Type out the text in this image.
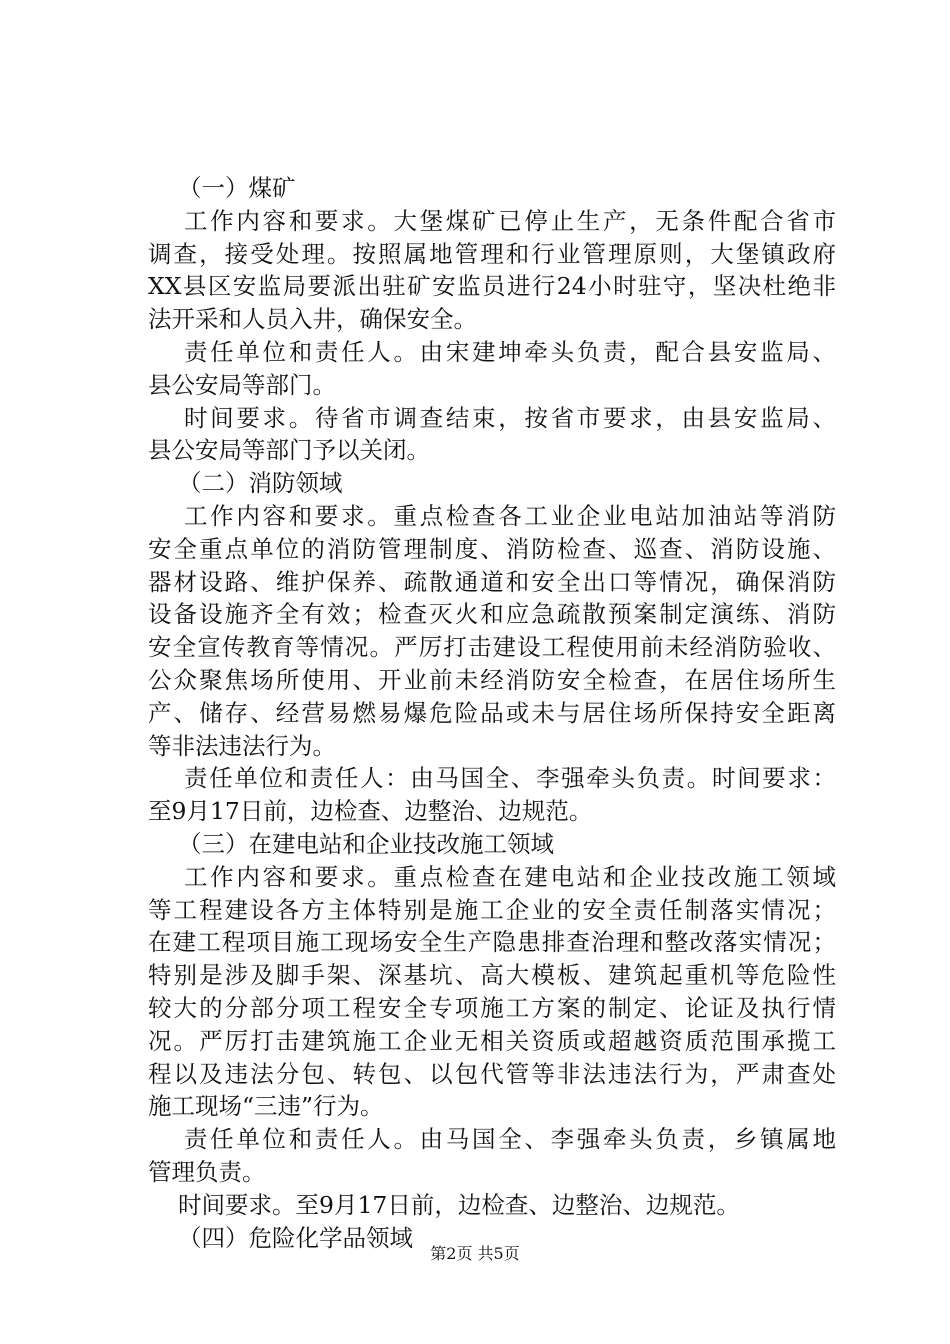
（一）煤矿
工作内容和要求。大堡煤矿已停止生产，无条件配合省市
调查，接受处理。按照属地管理和行业管理原则，大堡镇政府
XX县区安监局要派出驻矿安监员进行24小时驻守，坚决杜绝非
法开采和人员入井，确保安全。
责任单位和责任人。由宋建坤牵头负责，配合县安监局、
县公安局等部门。
时间要求。待省市调查结束，按省市要求，由县安监局、
县公安局等部门予以关闭。
（二）消防领域
工作内容和要求。重点检查各工业企业电站加油站等消防
安全重点单位的消防管理制度、消防检查、巡查、消防设施、
器材设路、维护保养、疏散通道和安全出口等情况，确保消防
设备设施齐全有效；检查灭火和应急疏散预案制定演练、消防
安全宣传教育等情况。严厉打击建设工程使用前未经消防验收、
公众聚焦场所使用、开业前未经消防安全检查，在居住场所生
产、储存、经营易燃易爆危险品或未与居住场所保持安全距离
等非法违法行为。
责任单位和责任人：由马国全、李强牵头负责。时间要求：
至9月17日前，边检查、边整治、边规范。
（三）在建电站和企业技改施工领域
工作内容和要求。重点检查在建电站和企业技改施工领域
等工程建设各方主体特别是施工企业的安全责任制落实情况；
在建工程项目施工现场安全生产隐患排查治理和整改落实情况；
特别是涉及脚手架、深基坑、高大模板、建筑起重机等危险性
较大的分部分项工程安全专项施工方案的制定、论证及执行情
况。严厉打击建筑施工企业无相关资质或超越资质范围承揽工
程以及违法分包、转包、以包代管等非法违法行为，严肃查处
施工现场“三违”行为。
责任单位和责任人。由马国全、李强牵头负责，乡镇属地
管理负责。
时间要求。至9月17日前，边检查、边整治、边规范。
（四）危险化学品领域
第2页 共5页
